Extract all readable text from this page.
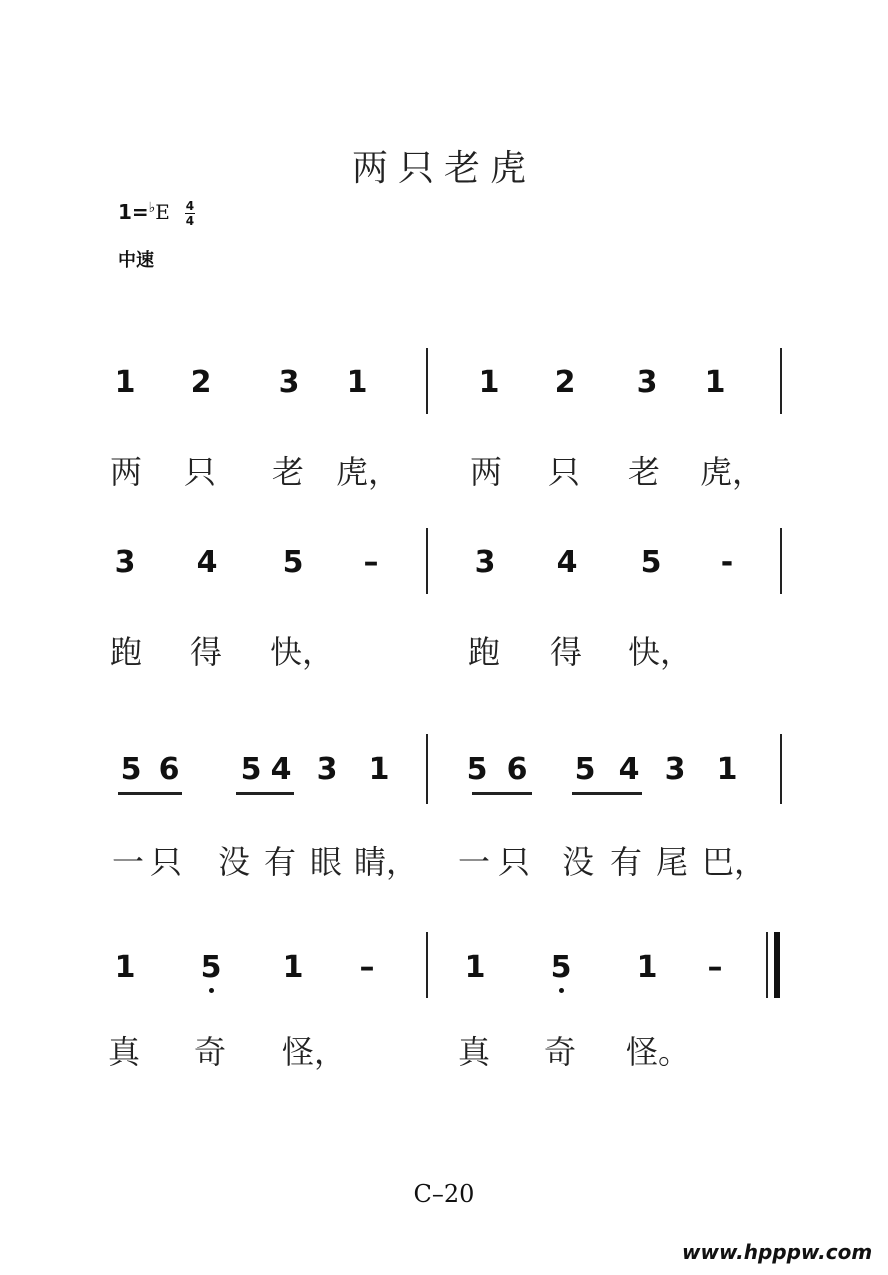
两只老虎
$1=^♭E \frac{4}{4}$
中速
1 2 3 1	1 2 3 1
两 只 老 虎， 两 只 老 虎，
3 4 5 –	3 4 5 -
跑 得 快，	跑 得 快，
5 6 5 4 3 1	5 6 5 4 3 1
一 只 没 有 眼 睛， 一 只 没 有 尾 巴，
1 5 1 –	1 5 1 –
真 奇 怪，	真 奇 怪。
C–20
www.hpppw.com
